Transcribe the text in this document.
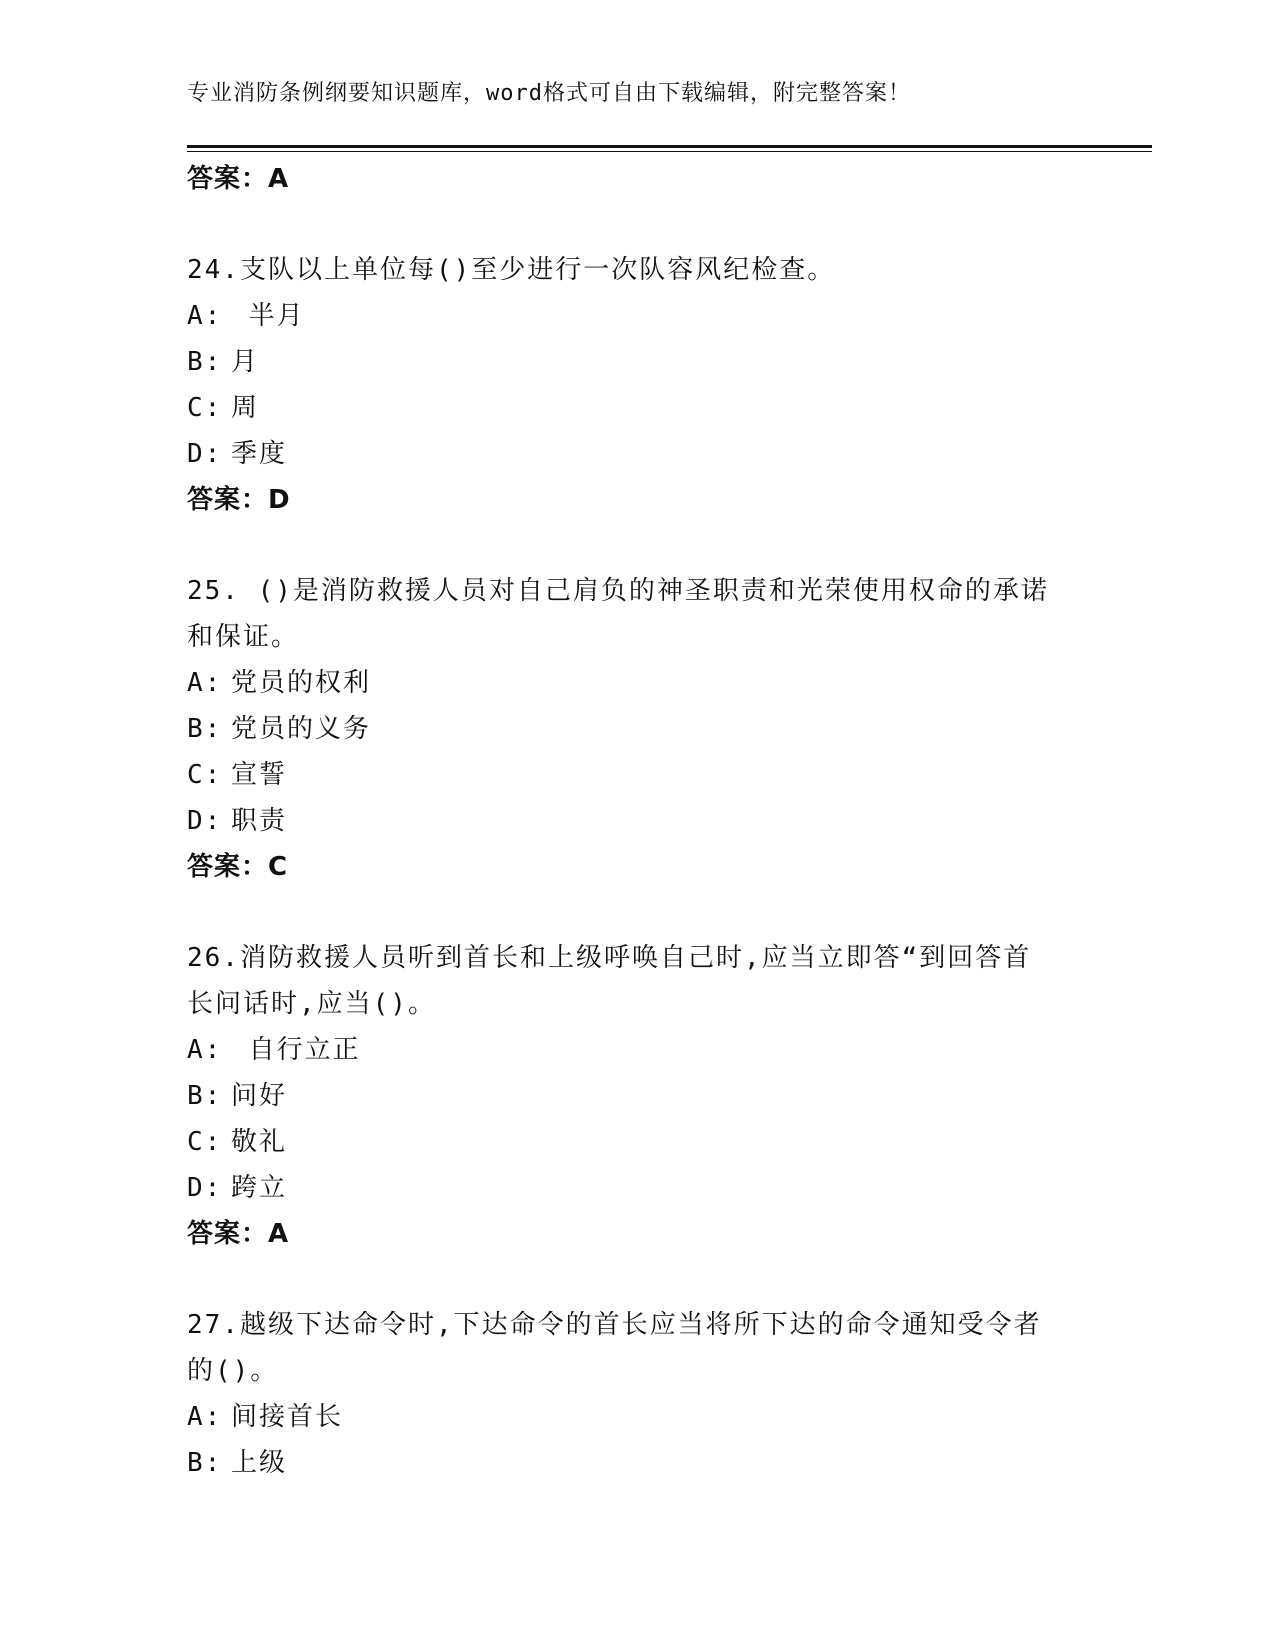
专业消防条例纲要知识题库，word格式可自由下载编辑，附完整答案！
答案：A
24.支队以上单位每()至少进行一次队容风纪检查。
A: 半月
B: 月
C: 周
D: 季度
答案：D
25. ()是消防救援人员对自己肩负的神圣职责和光荣使用权命的承诺
和保证。
A: 党员的权利
B: 党员的义务
C: 宣誓
D: 职责
答案：C
26.消防救援人员听到首长和上级呼唤自己时,应当立即答“到回答首
长问话时,应当()。
A: 自行立正
B: 问好
C: 敬礼
D: 跨立
答案：A
27.越级下达命令时,下达命令的首长应当将所下达的命令通知受令者
的()。
A: 间接首长
B: 上级
